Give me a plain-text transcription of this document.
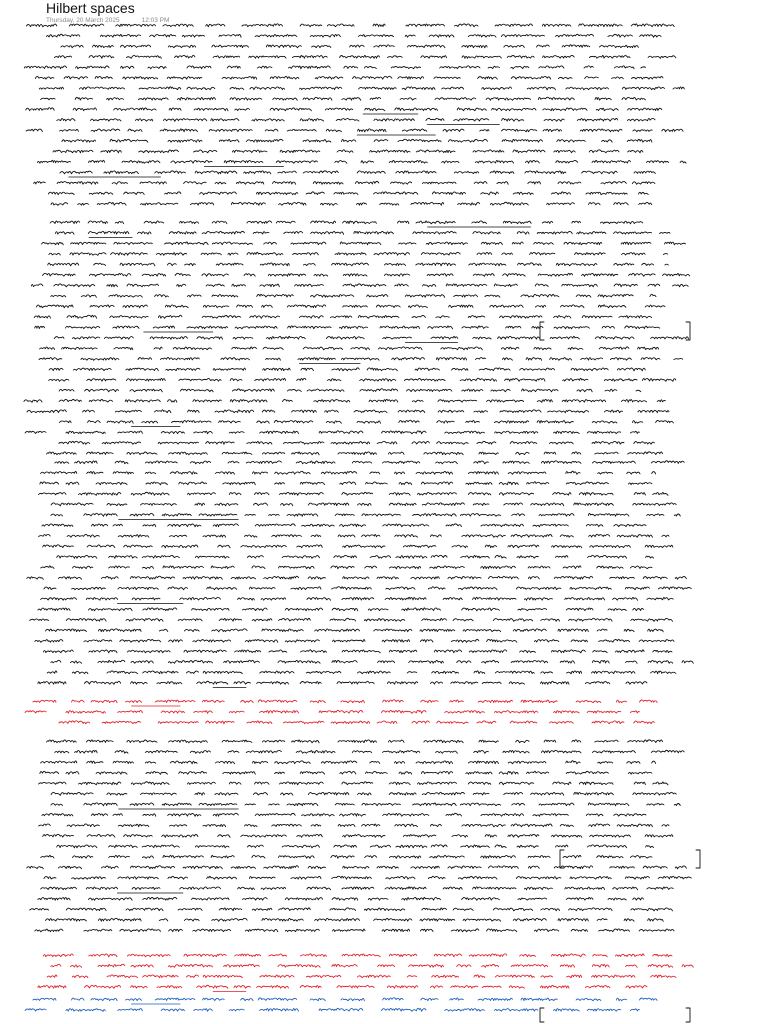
Hilbert spaces
Thursday, 20 March 2025	12:03 PM
